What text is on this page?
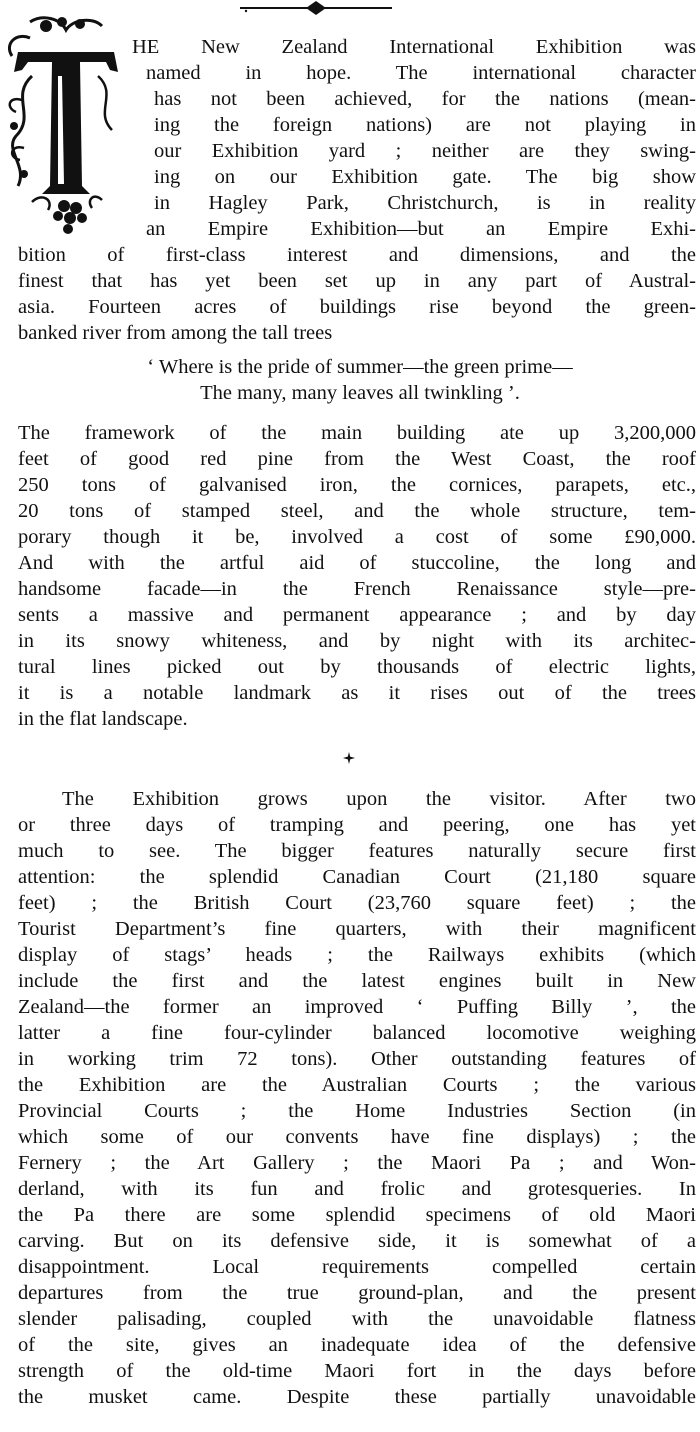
HE New Zealand International Exhibition was
named in hope. The international character
has not been achieved, for the nations (mean-
ing the foreign nations) are not playing in
our Exhibition yard ; neither are they swing-
ing on our Exhibition gate. The big show
in Hagley Park, Christchurch, is in reality
an Empire Exhibition—but an Empire Exhi-
bition of first-class interest and dimensions, and the
finest that has yet been set up in any part of Austral-
asia. Fourteen acres of buildings rise beyond the green-
banked river from among the tall trees
‘ Where is the pride of summer—the green prime—
The many, many leaves all twinkling ’.
The framework of the main building ate up 3,200,000
feet of good red pine from the West Coast, the roof
250 tons of galvanised iron, the cornices, parapets, etc.,
20 tons of stamped steel, and the whole structure, tem-
porary though it be, involved a cost of some £90,000.
And with the artful aid of stuccoline, the long and
handsome facade—in the French Renaissance style—pre-
sents a massive and permanent appearance ; and by day
in its snowy whiteness, and by night with its architec-
tural lines picked out by thousands of electric lights,
it is a notable landmark as it rises out of the trees
in the flat landscape.
The Exhibition grows upon the visitor. After two
or three days of tramping and peering, one has yet
much to see. The bigger features naturally secure first
attention: the splendid Canadian Court (21,180 square
feet) ; the British Court (23,760 square feet) ; the
Tourist Department’s fine quarters, with their magnificent
display of stags’ heads ; the Railways exhibits (which
include the first and the latest engines built in New
Zealand—the former an improved ‘ Puffing Billy ’, the
latter a fine four-cylinder balanced locomotive weighing
in working trim 72 tons). Other outstanding features of
the Exhibition are the Australian Courts ; the various
Provincial Courts ; the Home Industries Section (in
which some of our convents have fine displays) ; the
Fernery ; the Art Gallery ; the Maori Pa ; and Won-
derland, with its fun and frolic and grotesqueries. In
the Pa there are some splendid specimens of old Maori
carving. But on its defensive side, it is somewhat of a
disappointment. Local requirements compelled certain
departures from the true ground-plan, and the present
slender palisading, coupled with the unavoidable flatness
of the site, gives an inadequate idea of the defensive
strength of the old-time Maori fort in the days before
the musket came. Despite these partially unavoidable
